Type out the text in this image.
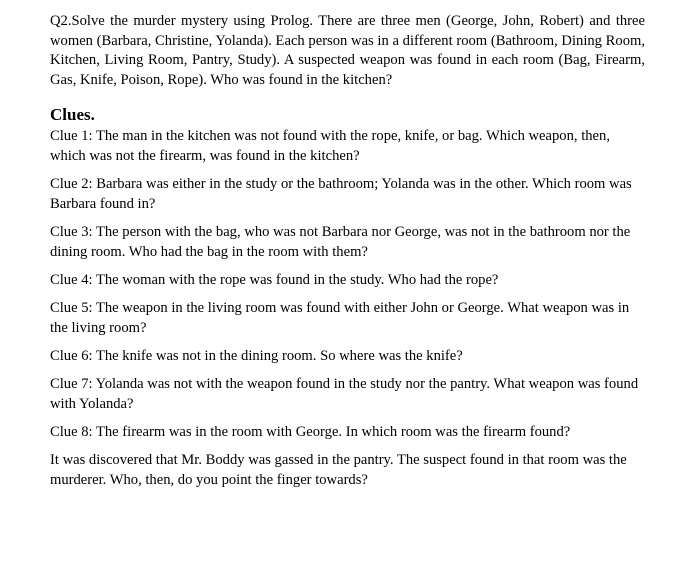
Q2.Solve the murder mystery using Prolog. There are three men (George, John, Robert) and three women (Barbara, Christine, Yolanda). Each person was in a different room (Bathroom, Dining Room, Kitchen, Living Room, Pantry, Study). A suspected weapon was found in each room (Bag, Firearm, Gas, Knife, Poison, Rope). Who was found in the kitchen?

Clues.

Clue 1: The man in the kitchen was not found with the rope, knife, or bag. Which weapon, then, which was not the firearm, was found in the kitchen?

Clue 2: Barbara was either in the study or the bathroom; Yolanda was in the other. Which room was Barbara found in?

Clue 3: The person with the bag, who was not Barbara nor George, was not in the bathroom nor the dining room. Who had the bag in the room with them?

Clue 4: The woman with the rope was found in the study. Who had the rope?

Clue 5: The weapon in the living room was found with either John or George. What weapon was in the living room?

Clue 6: The knife was not in the dining room. So where was the knife?

Clue 7: Yolanda was not with the weapon found in the study nor the pantry. What weapon was found with Yolanda?

Clue 8: The firearm was in the room with George. In which room was the firearm found?

It was discovered that Mr. Boddy was gassed in the pantry. The suspect found in that room was the murderer. Who, then, do you point the finger towards?
